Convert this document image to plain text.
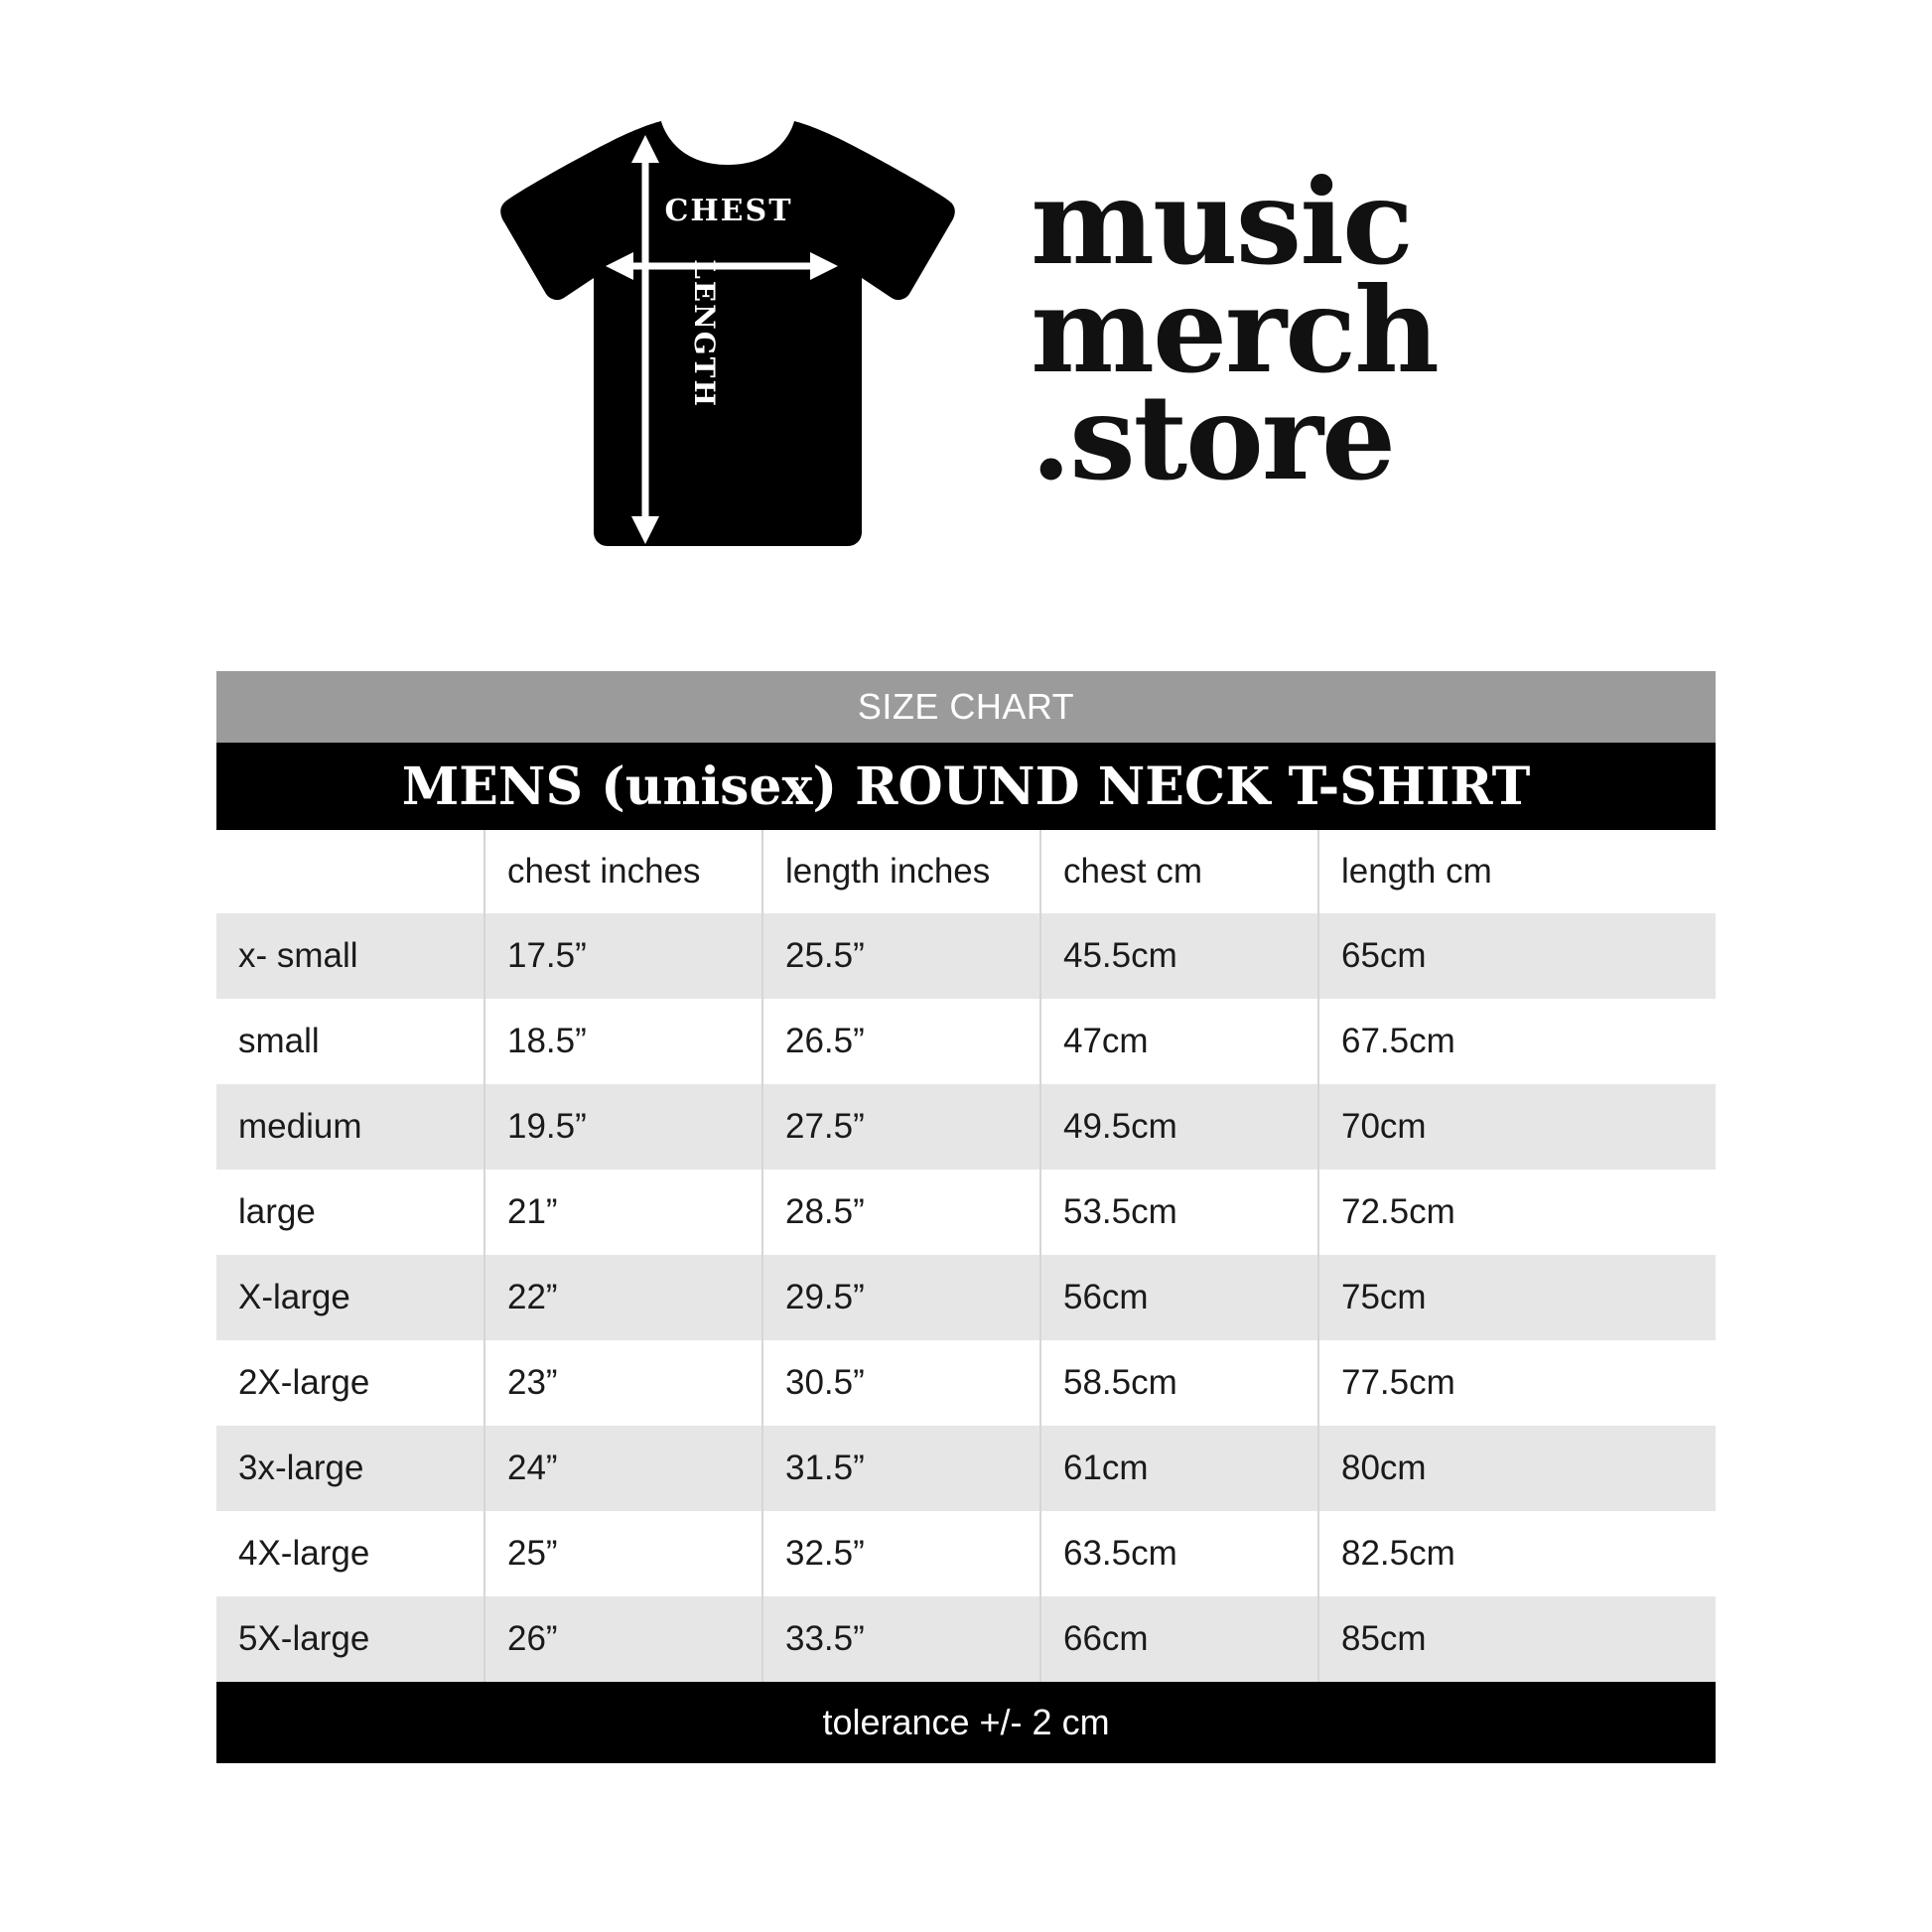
CHEST
LENGTH
music
merch
.store
SIZE CHART				
MENS (unisex) ROUND NECK T-SHIRT				
	chest inches	length inches	chest cm	length cm
x- small	17.5”	25.5”	45.5cm	65cm
small	18.5”	26.5”	47cm	67.5cm
medium	19.5”	27.5”	49.5cm	70cm
large	21”	28.5”	53.5cm	72.5cm
X-large	22”	29.5”	56cm	75cm
2X-large	23”	30.5”	58.5cm	77.5cm
3x-large	24”	31.5”	61cm	80cm
4X-large	25”	32.5”	63.5cm	82.5cm
5X-large	26”	33.5”	66cm	85cm
tolerance +/- 2 cm				
